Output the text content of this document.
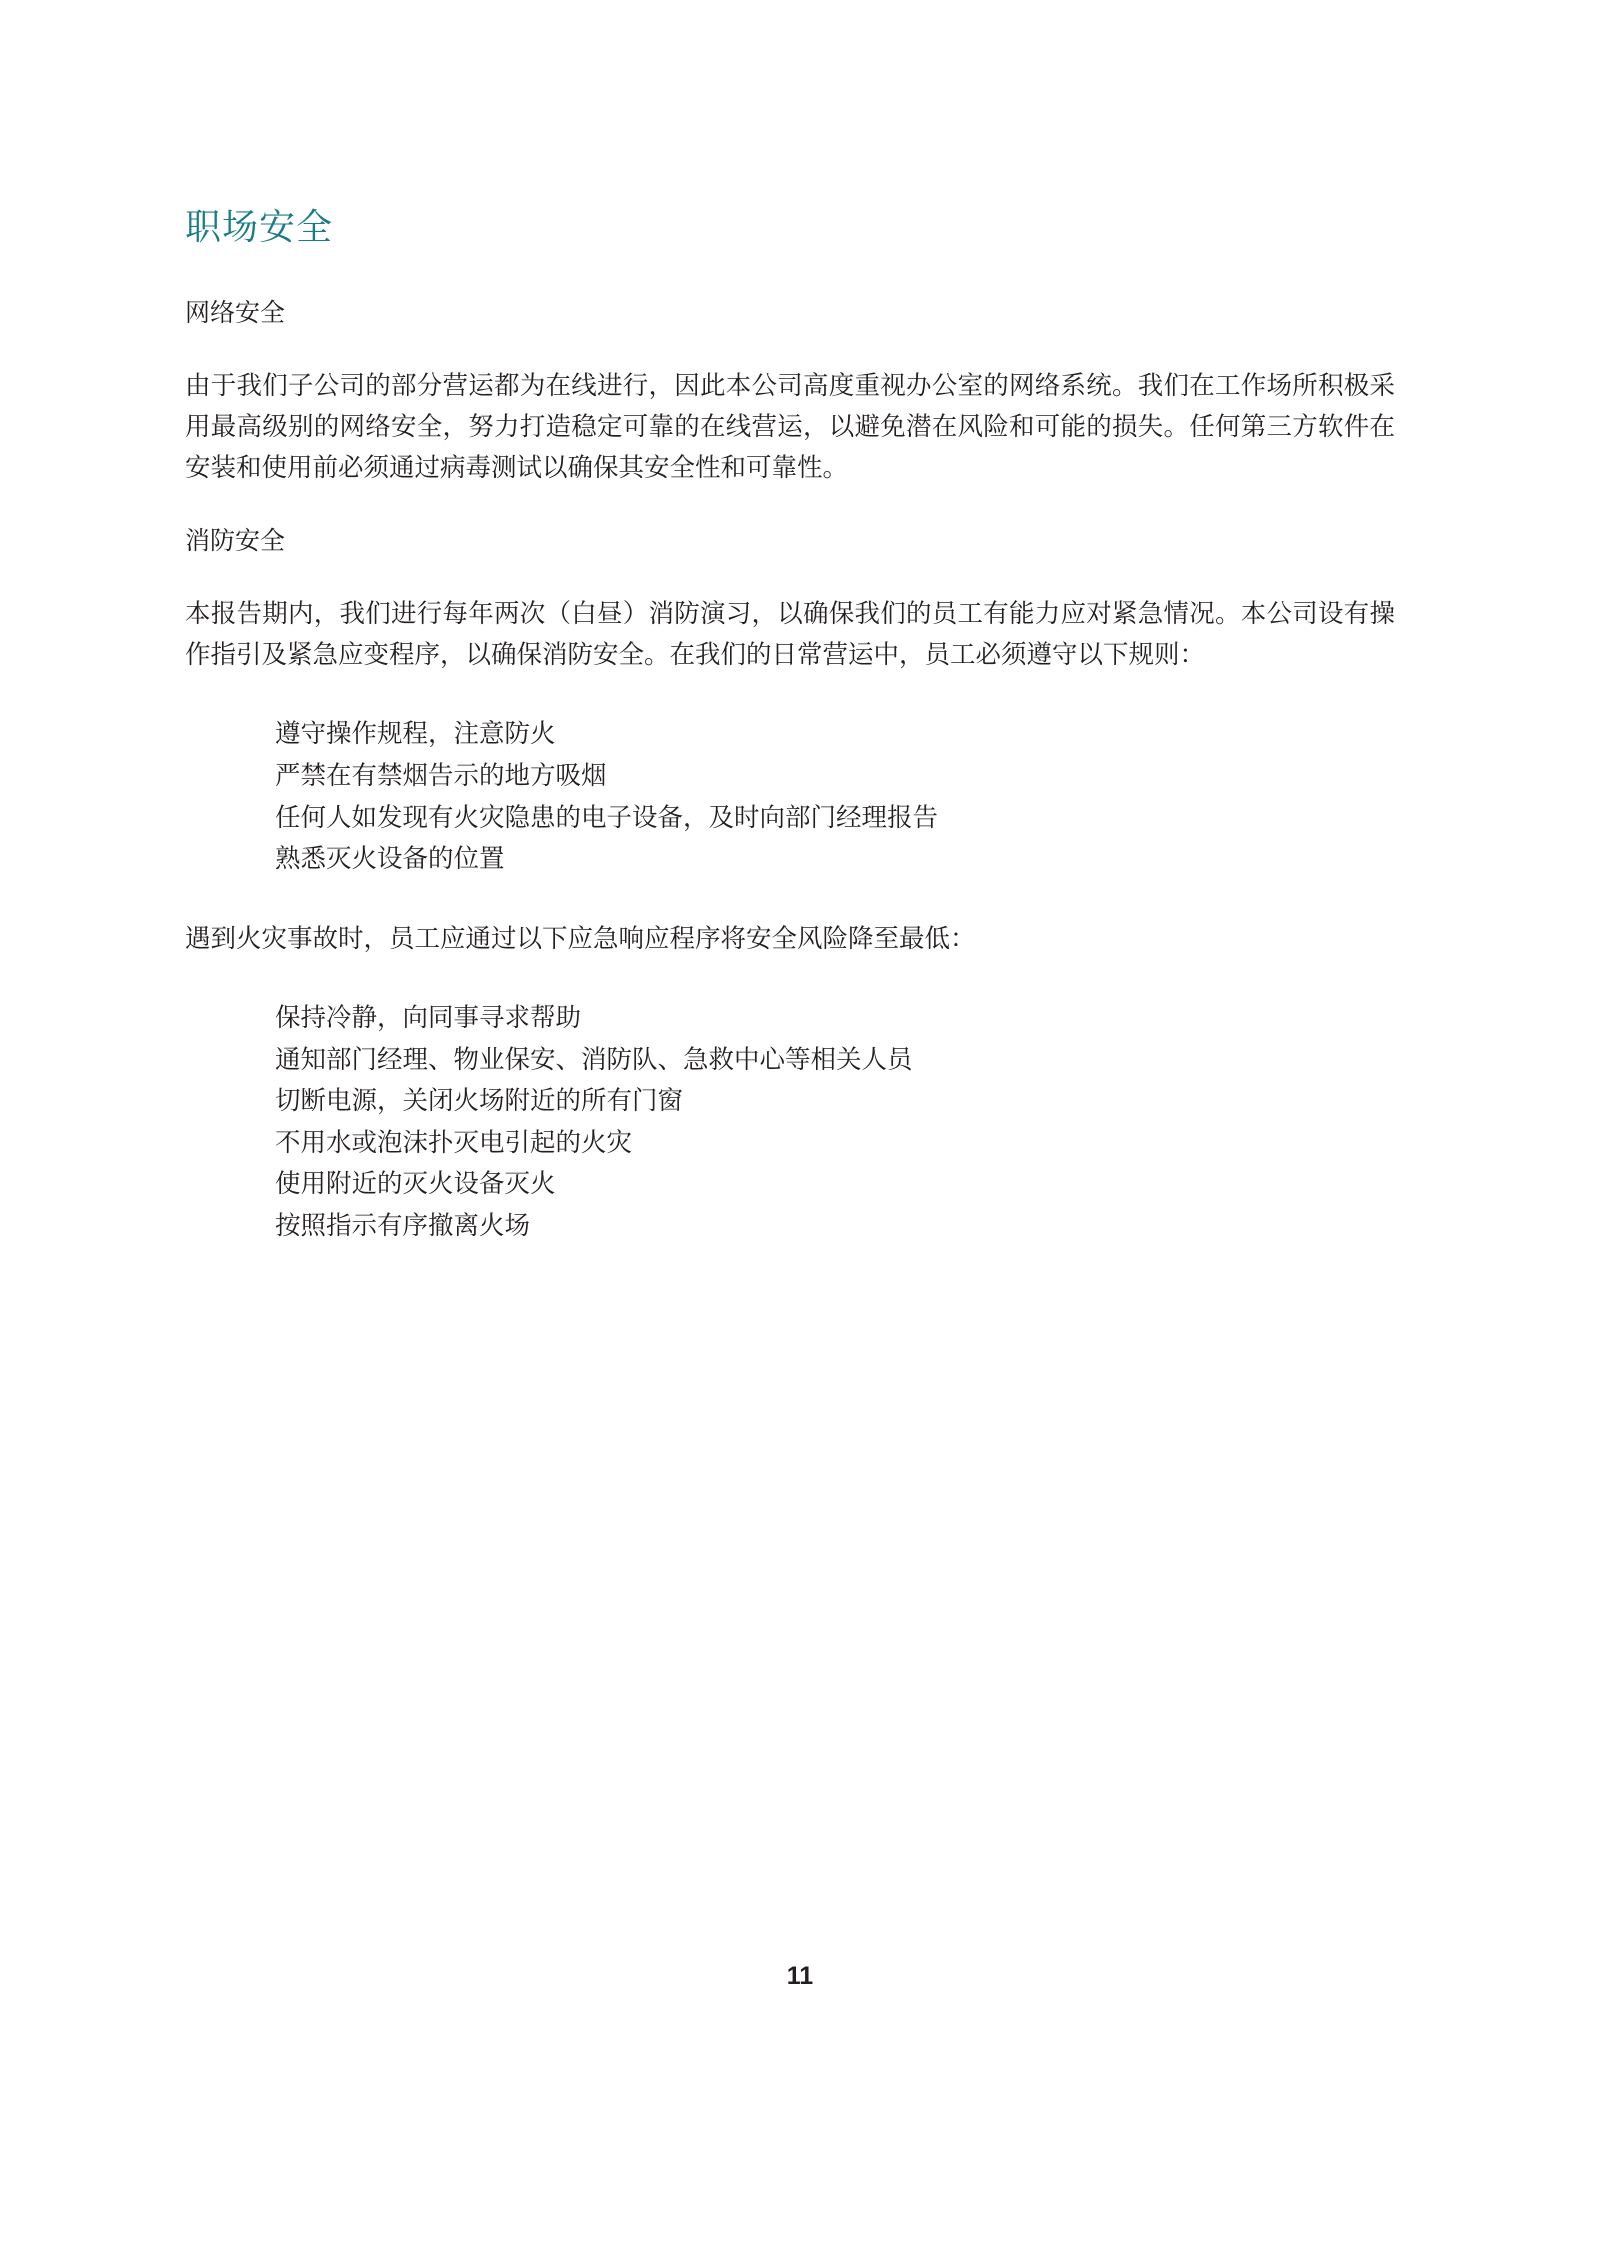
职场安全
网络安全

由于我们子公司的部分营运都为在线进行，因此本公司高度重视办公室的网络系统。我们在工作场所积极采用最高级别的网络安全，努力打造稳定可靠的在线营运，以避免潜在风险和可能的损失。任何第三方软件在安装和使用前必须通过病毒测试以确保其安全性和可靠性。

消防安全

本报告期内，我们进行每年两次（白昼）消防演习，以确保我们的员工有能力应对紧急情况。本公司设有操作指引及紧急应变程序，以确保消防安全。在我们的日常营运中，员工必须遵守以下规则：

遵守操作规程，注意防火
严禁在有禁烟告示的地方吸烟
任何人如发现有火灾隐患的电子设备，及时向部门经理报告
熟悉灭火设备的位置

遇到火灾事故时，员工应通过以下应急响应程序将安全风险降至最低：

保持冷静，向同事寻求帮助
通知部门经理、物业保安、消防队、急救中心等相关人员
切断电源，关闭火场附近的所有门窗
不用水或泡沫扑灭电引起的火灾
使用附近的灭火设备灭火
按照指示有序撤离火场
11
